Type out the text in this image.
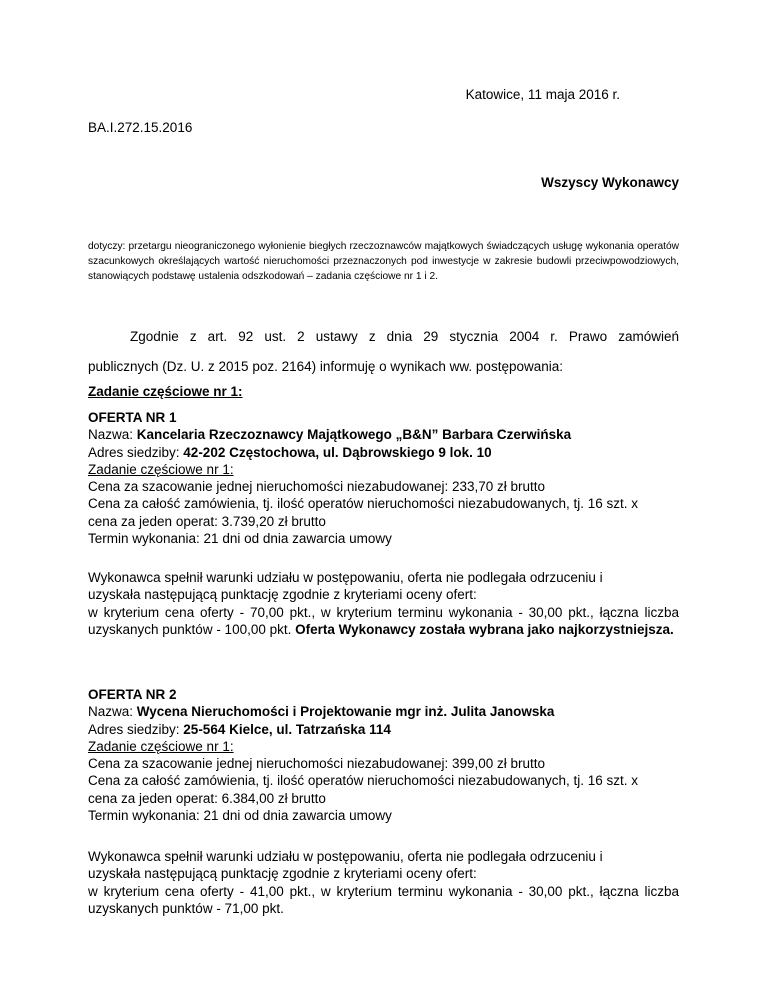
Katowice, 11 maja 2016 r.
BA.I.272.15.2016
Wszyscy Wykonawcy
dotyczy: przetargu nieograniczonego wyłonienie biegłych rzeczoznawców majątkowych świadczących usługę wykonania operatów szacunkowych określających wartość nieruchomości przeznaczonych pod inwestycje w zakresie budowli przeciwpowodziowych, stanowiących podstawę ustalenia odszkodowań – zadania częściowe nr 1 i 2.
Zgodnie z art. 92 ust. 2 ustawy z dnia 29 stycznia 2004 r. Prawo zamówień
publicznych (Dz. U. z 2015 poz. 2164) informuję o wynikach ww. postępowania:
Zadanie częściowe nr 1:

OFERTA NR 1

Nazwa: Kancelaria Rzeczoznawcy Majątkowego „B&N” Barbara Czerwińska

Adres siedziby: 42-202 Częstochowa, ul. Dąbrowskiego 9 lok. 10

Zadanie częściowe nr 1:

Cena za szacowanie jednej nieruchomości niezabudowanej: 233,70 zł brutto

Cena za całość zamówienia, tj. ilość operatów nieruchomości niezabudowanych, tj. 16 szt. x

cena za jeden operat: 3.739,20 zł brutto

Termin wykonania: 21 dni od dnia zawarcia umowy

Wykonawca spełnił warunki udziału w postępowaniu, oferta nie podlegała odrzuceniu i

uzyskała następującą punktację zgodnie z kryteriami oceny ofert:

w kryterium cena oferty - 70,00 pkt., w kryterium terminu wykonania - 30,00 pkt., łączna liczba uzyskanych punktów - 100,00 pkt. Oferta Wykonawcy została wybrana jako najkorzystniejsza.

OFERTA NR 2

Nazwa: Wycena Nieruchomości i Projektowanie mgr inż. Julita Janowska

Adres siedziby: 25-564 Kielce, ul. Tatrzańska 114

Zadanie częściowe nr 1:

Cena za szacowanie jednej nieruchomości niezabudowanej: 399,00 zł brutto

Cena za całość zamówienia, tj. ilość operatów nieruchomości niezabudowanych, tj. 16 szt. x

cena za jeden operat: 6.384,00 zł brutto

Termin wykonania: 21 dni od dnia zawarcia umowy

Wykonawca spełnił warunki udziału w postępowaniu, oferta nie podlegała odrzuceniu i

uzyskała następującą punktację zgodnie z kryteriami oceny ofert:

w kryterium cena oferty - 41,00 pkt., w kryterium terminu wykonania - 30,00 pkt., łączna liczba uzyskanych punktów - 71,00 pkt.
